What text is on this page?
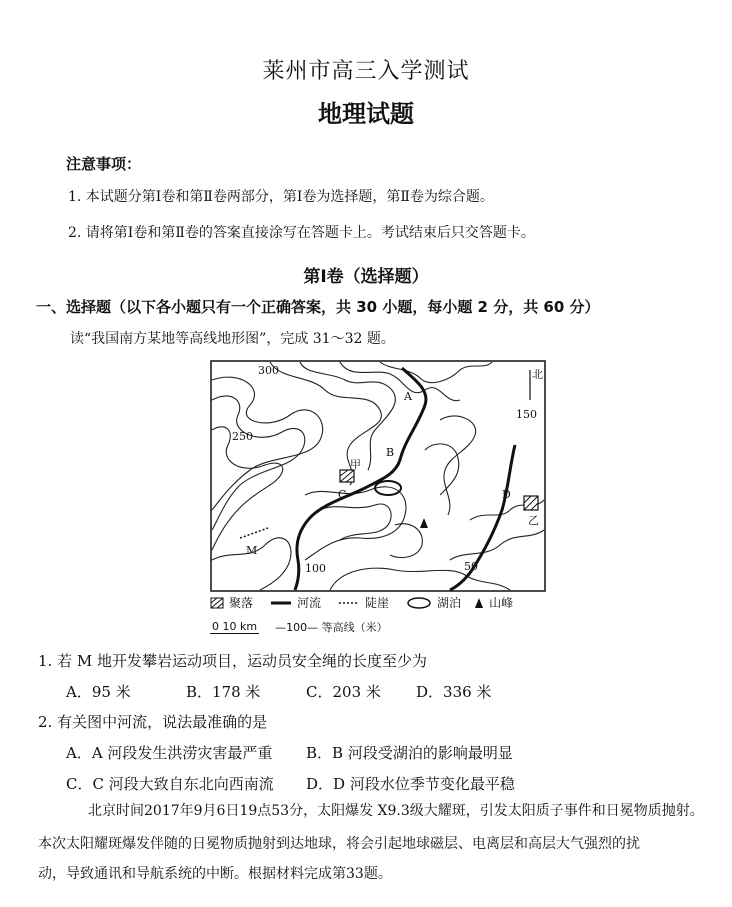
莱州市高三入学测试
地理试题
注意事项：
1. 本试题分第Ⅰ卷和第Ⅱ卷两部分，第Ⅰ卷为选择题，第Ⅱ卷为综合题。
2. 请将第Ⅰ卷和第Ⅱ卷的答案直接涂写在答题卡上。考试结束后只交答题卡。
第Ⅰ卷（选择题）
一、选择题（以下各小题只有一个正确答案，共 30 小题，每小题 2 分，共 60 分）
读“我国南方某地等高线地形图”，完成 31～32 题。
300
250
150
100	50
北
A
B
C	D
M
甲
乙
聚落	河流	陡崖	湖泊 山峰
0 10 km —100— 等高线（米）
1. 若 M 地开发攀岩运动项目，运动员安全绳的长度至少为
A．95 米	B．178 米	C．203 米 D．336 米
2. 有关图中河流，说法最准确的是
A．A 河段发生洪涝灾害最严重 B．B 河段受湖泊的影响最明显
C．C 河段大致自东北向西南流 D．D 河段水位季节变化最平稳
北京时间2017年9月6日19点53分，太阳爆发 X9.3级大耀斑，引发太阳质子事件和日冕物质抛射。
本次太阳耀斑爆发伴随的日冕物质抛射到达地球，将会引起地球磁层、电离层和高层大气强烈的扰
动，导致通讯和导航系统的中断。根据材料完成第33题。
